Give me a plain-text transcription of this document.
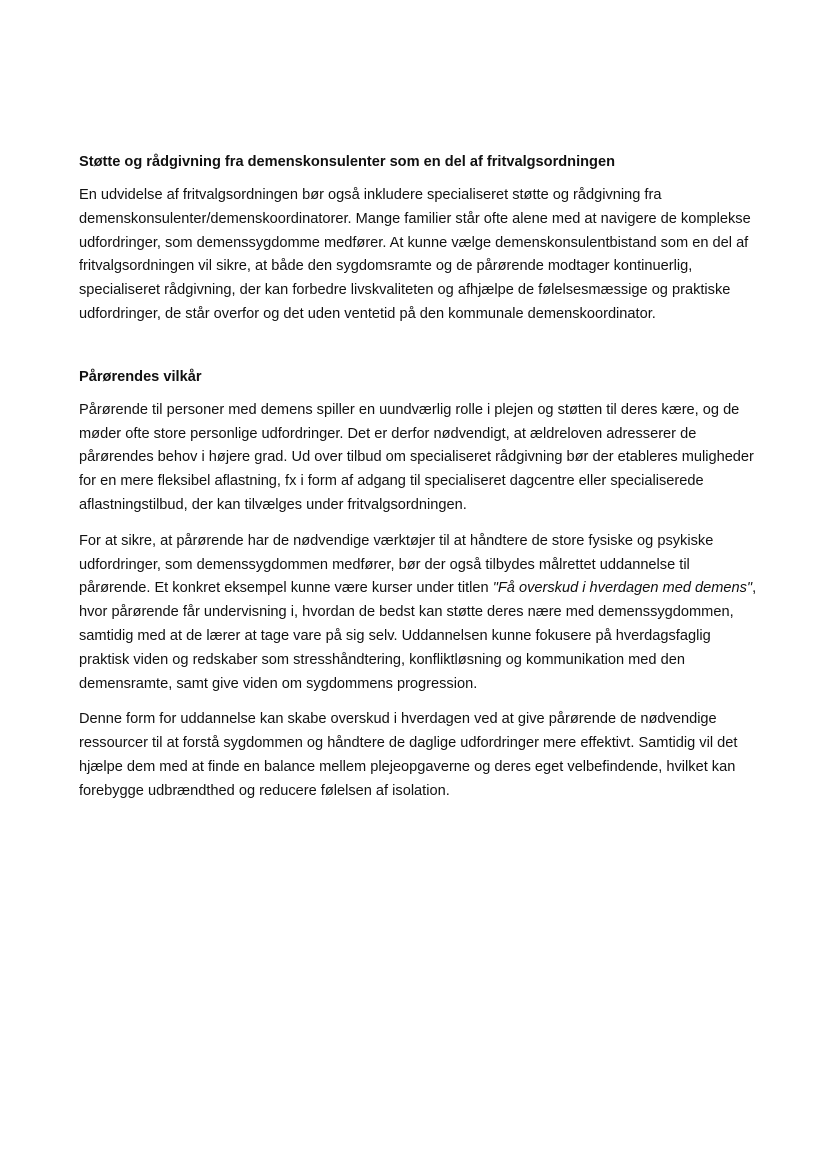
Støtte og rådgivning fra demenskonsulenter som en del af fritvalgsordningen

En udvidelse af fritvalgsordningen bør også inkludere specialiseret støtte og rådgivning fra demenskonsulenter/demenskoordinatorer. Mange familier står ofte alene med at navigere de komplekse udfordringer, som demenssygdomme medfører. At kunne vælge demenskonsulentbistand som en del af fritvalgsordningen vil sikre, at både den sygdomsramte og de pårørende modtager kontinuerlig, specialiseret rådgivning, der kan forbedre livskvaliteten og afhjælpe de følelsesmæssige og praktiske udfordringer, de står overfor og det uden ventetid på den kommunale demenskoordinator.

Pårørendes vilkår

Pårørende til personer med demens spiller en uundværlig rolle i plejen og støtten til deres kære, og de møder ofte store personlige udfordringer. Det er derfor nødvendigt, at ældreloven adresserer de pårørendes behov i højere grad. Ud over tilbud om specialiseret rådgivning bør der etableres muligheder for en mere fleksibel aflastning, fx i form af adgang til specialiseret dagcentre eller specialiserede aflastningstilbud, der kan tilvælges under fritvalgsordningen.

For at sikre, at pårørende har de nødvendige værktøjer til at håndtere de store fysiske og psykiske udfordringer, som demenssygdommen medfører, bør der også tilbydes målrettet uddannelse til pårørende. Et konkret eksempel kunne være kurser under titlen "Få overskud i hverdagen med demens", hvor pårørende får undervisning i, hvordan de bedst kan støtte deres nære med demenssygdommen, samtidig med at de lærer at tage vare på sig selv. Uddannelsen kunne fokusere på hverdagsfaglig praktisk viden og redskaber som stresshåndtering, konfliktløsning og kommunikation med den demensramte, samt give viden om sygdommens progression.

Denne form for uddannelse kan skabe overskud i hverdagen ved at give pårørende de nødvendige ressourcer til at forstå sygdommen og håndtere de daglige udfordringer mere effektivt. Samtidig vil det hjælpe dem med at finde en balance mellem plejeopgaverne og deres eget velbefindende, hvilket kan forebygge udbrændthed og reducere følelsen af isolation.
